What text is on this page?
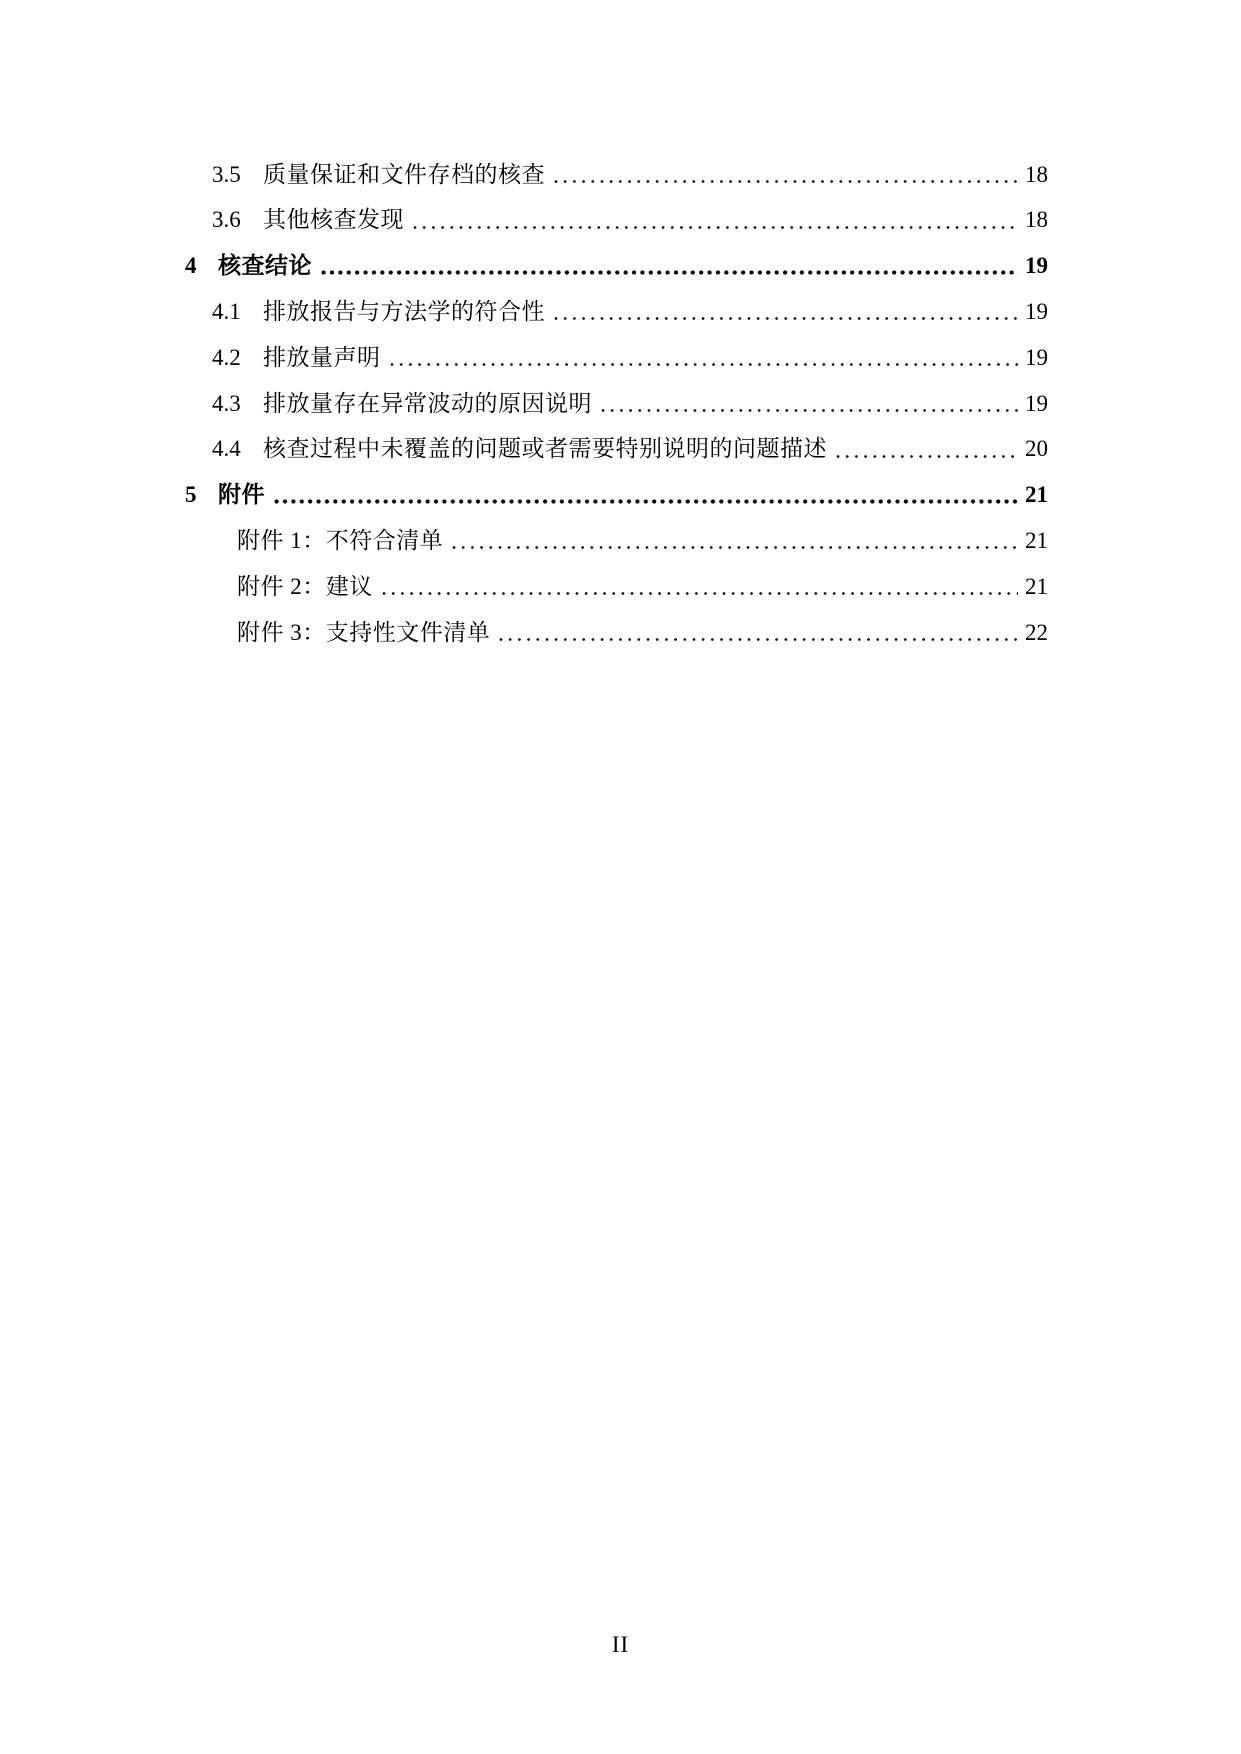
3.5 质量保证和文件存档的核查	18
3.6 其他核查发现	18
4 核查结论	19
4.1 排放报告与方法学的符合性	19
4.2 排放量声明	19
4.3 排放量存在异常波动的原因说明	19
4.4 核查过程中未覆盖的问题或者需要特别说明的问题描述	20
5 附件	21
附件 1：不符合清单	21
附件 2：建议	21
附件 3：支持性文件清单	22
II
